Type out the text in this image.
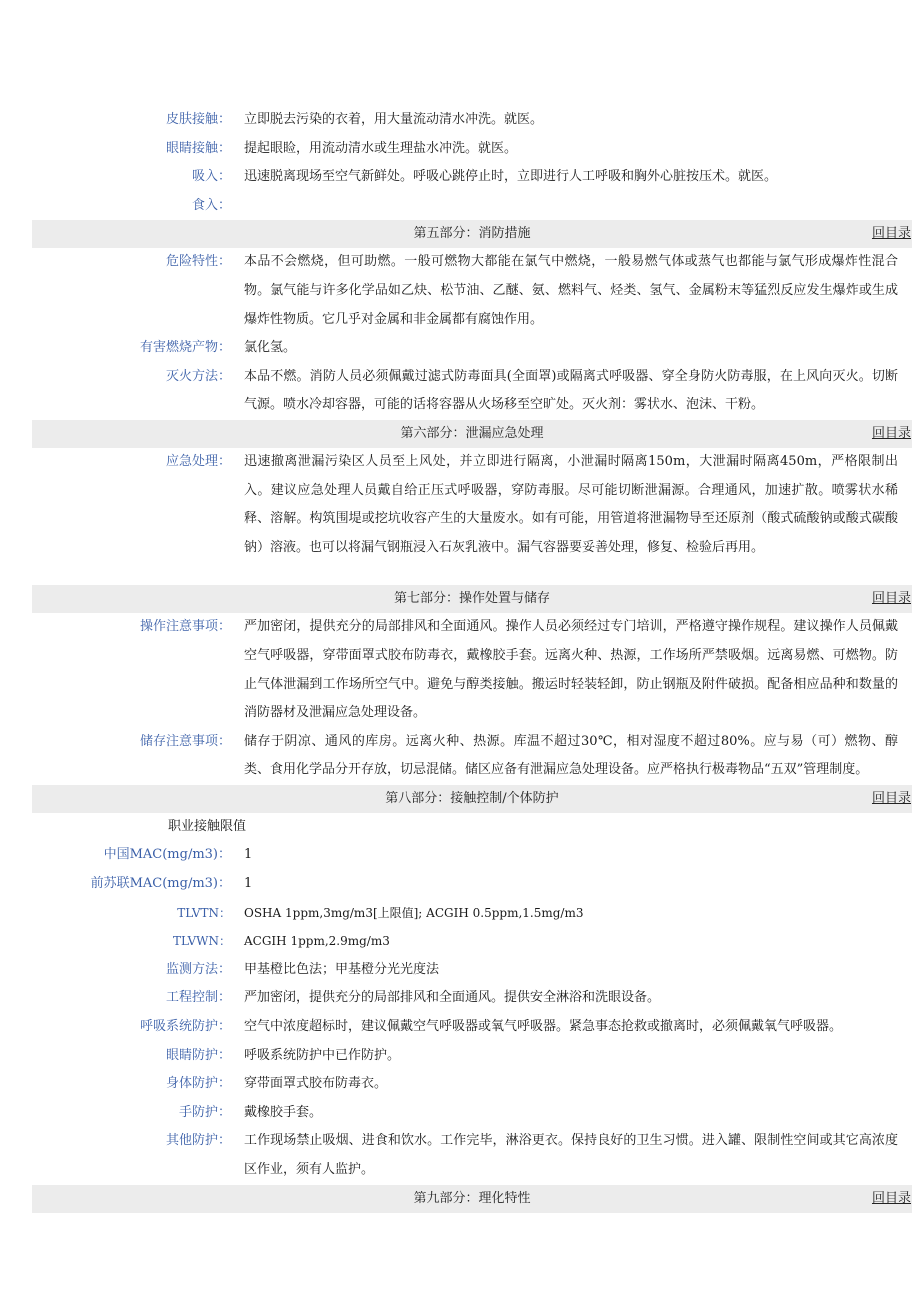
皮肤接触：	立即脱去污染的衣着，用大量流动清水冲洗。就医。
眼睛接触：	提起眼睑，用流动清水或生理盐水冲洗。就医。
吸入：	迅速脱离现场至空气新鲜处。呼吸心跳停止时，立即进行人工呼吸和胸外心脏按压术。就医。
食入：
第五部分：消防措施	回目录
危险特性：	本品不会燃烧，但可助燃。一般可燃物大都能在氯气中燃烧，一般易燃气体或蒸气也都能与氯气形成爆炸性混合物。氯气能与许多化学品如乙炔、松节油、乙醚、氨、燃料气、烃类、氢气、金属粉末等猛烈反应发生爆炸或生成爆炸性物质。它几乎对金属和非金属都有腐蚀作用。
有害燃烧产物：	氯化氢。
灭火方法：	本品不燃。消防人员必须佩戴过滤式防毒面具(全面罩)或隔离式呼吸器、穿全身防火防毒服，在上风向灭火。切断气源。喷水冷却容器，可能的话将容器从火场移至空旷处。灭火剂：雾状水、泡沫、干粉。
第六部分：泄漏应急处理	回目录
应急处理：	迅速撤离泄漏污染区人员至上风处，并立即进行隔离，小泄漏时隔离150m，大泄漏时隔离450m，严格限制出入。建议应急处理人员戴自给正压式呼吸器，穿防毒服。尽可能切断泄漏源。合理通风，加速扩散。喷雾状水稀释、溶解。构筑围堤或挖坑收容产生的大量废水。如有可能，用管道将泄漏物导至还原剂（酸式硫酸钠或酸式碳酸钠）溶液。也可以将漏气钢瓶浸入石灰乳液中。漏气容器要妥善处理，修复、检验后再用。
第七部分：操作处置与储存	回目录
操作注意事项：	严加密闭，提供充分的局部排风和全面通风。操作人员必须经过专门培训，严格遵守操作规程。建议操作人员佩戴空气呼吸器，穿带面罩式胶布防毒衣，戴橡胶手套。远离火种、热源，工作场所严禁吸烟。远离易燃、可燃物。防止气体泄漏到工作场所空气中。避免与醇类接触。搬运时轻装轻卸，防止钢瓶及附件破损。配备相应品种和数量的消防器材及泄漏应急处理设备。
储存注意事项：	储存于阴凉、通风的库房。远离火种、热源。库温不超过30℃，相对湿度不超过80%。应与易（可）燃物、醇类、食用化学品分开存放，切忌混储。储区应备有泄漏应急处理设备。应严格执行极毒物品“五双”管理制度。
第八部分：接触控制/个体防护	回目录
职业接触限值
中国MAC(mg/m3)：	1
前苏联MAC(mg/m3)：	1
TLVTN：	OSHA 1ppm,3mg/m3[上限值]; ACGIH 0.5ppm,1.5mg/m3
TLVWN：	ACGIH 1ppm,2.9mg/m3
监测方法：	甲基橙比色法；甲基橙分光光度法
工程控制：	严加密闭，提供充分的局部排风和全面通风。提供安全淋浴和洗眼设备。
呼吸系统防护：	空气中浓度超标时，建议佩戴空气呼吸器或氧气呼吸器。紧急事态抢救或撤离时，必须佩戴氧气呼吸器。
眼睛防护：	呼吸系统防护中已作防护。
身体防护：	穿带面罩式胶布防毒衣。
手防护：	戴橡胶手套。
其他防护：	工作现场禁止吸烟、进食和饮水。工作完毕，淋浴更衣。保持良好的卫生习惯。进入罐、限制性空间或其它高浓度区作业，须有人监护。
第九部分：理化特性	回目录
